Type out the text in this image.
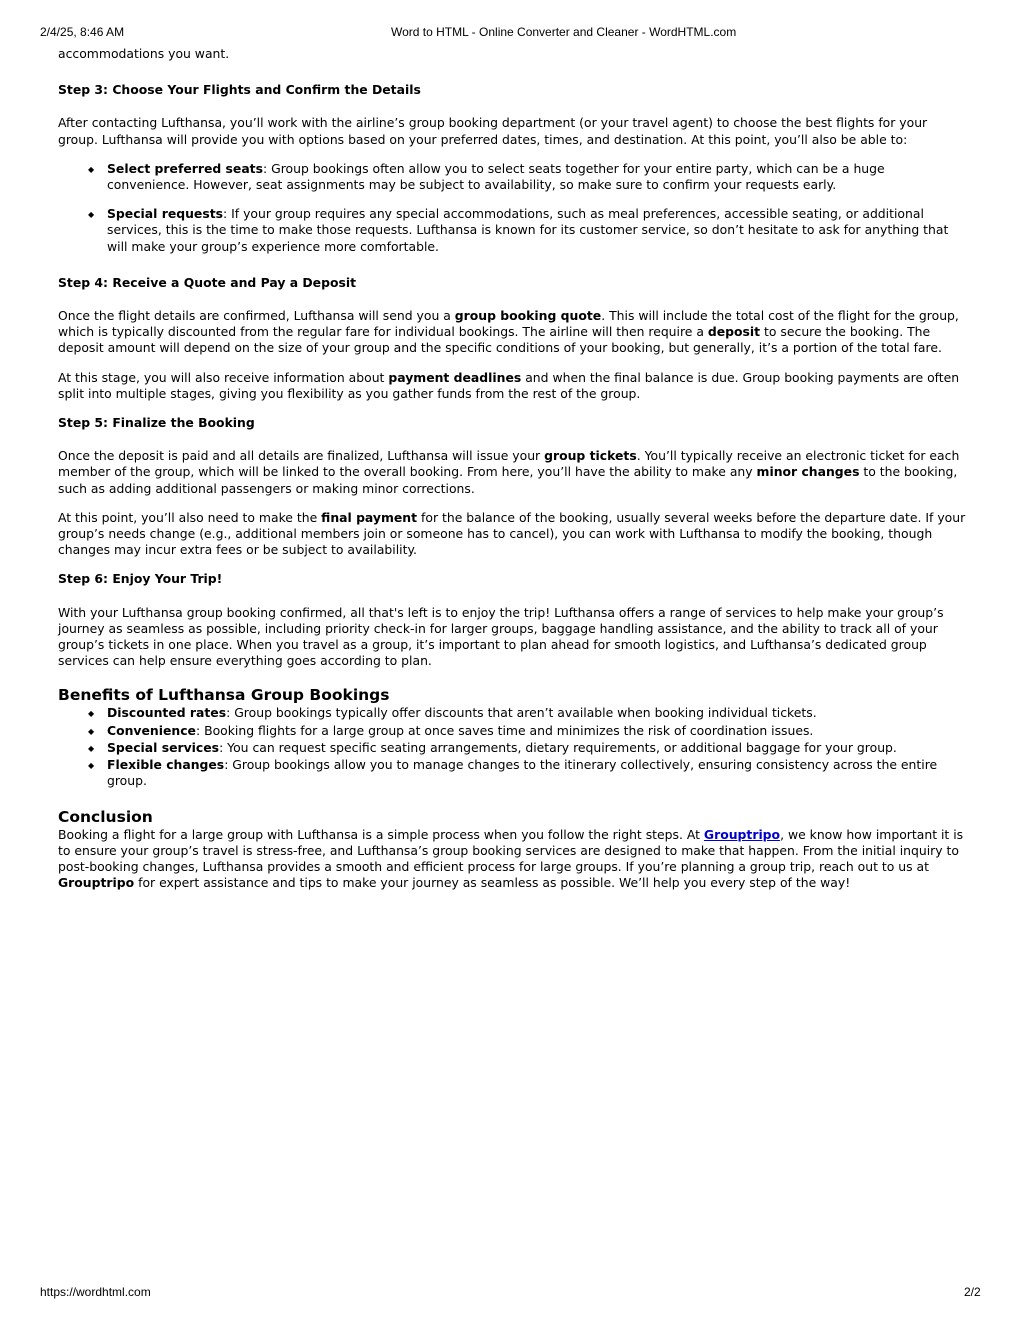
2/4/25, 8:46 AM	Word to HTML - Online Converter and Cleaner - WordHTML.com

accommodations you want.

Step 3: Choose Your Flights and Confirm the Details

After contacting Lufthansa, you’ll work with the airline’s group booking department (or your travel agent) to choose the best flights for your group. Lufthansa will provide you with options based on your preferred dates, times, and destination. At this point, you’ll also be able to:

◆ Select preferred seats: Group bookings often allow you to select seats together for your entire party, which can be a huge convenience. However, seat assignments may be subject to availability, so make sure to confirm your requests early.
◆ Special requests: If your group requires any special accommodations, such as meal preferences, accessible seating, or additional services, this is the time to make those requests. Lufthansa is known for its customer service, so don’t hesitate to ask for anything that will make your group’s experience more comfortable.

Step 4: Receive a Quote and Pay a Deposit

Once the flight details are confirmed, Lufthansa will send you a group booking quote. This will include the total cost of the flight for the group, which is typically discounted from the regular fare for individual bookings. The airline will then require a deposit to secure the booking. The deposit amount will depend on the size of your group and the specific conditions of your booking, but generally, it’s a portion of the total fare.

At this stage, you will also receive information about payment deadlines and when the final balance is due. Group booking payments are often split into multiple stages, giving you flexibility as you gather funds from the rest of the group.

Step 5: Finalize the Booking

Once the deposit is paid and all details are finalized, Lufthansa will issue your group tickets. You’ll typically receive an electronic ticket for each member of the group, which will be linked to the overall booking. From here, you’ll have the ability to make any minor changes to the booking, such as adding additional passengers or making minor corrections.

At this point, you’ll also need to make the final payment for the balance of the booking, usually several weeks before the departure date. If your group’s needs change (e.g., additional members join or someone has to cancel), you can work with Lufthansa to modify the booking, though changes may incur extra fees or be subject to availability.

Step 6: Enjoy Your Trip!

With your Lufthansa group booking confirmed, all that's left is to enjoy the trip! Lufthansa offers a range of services to help make your group’s journey as seamless as possible, including priority check-in for larger groups, baggage handling assistance, and the ability to track all of your group’s tickets in one place. When you travel as a group, it’s important to plan ahead for smooth logistics, and Lufthansa’s dedicated group services can help ensure everything goes according to plan.

Benefits of Lufthansa Group Bookings

◆ Discounted rates: Group bookings typically offer discounts that aren’t available when booking individual tickets.
◆ Convenience: Booking flights for a large group at once saves time and minimizes the risk of coordination issues.
◆ Special services: You can request specific seating arrangements, dietary requirements, or additional baggage for your group.
◆ Flexible changes: Group bookings allow you to manage changes to the itinerary collectively, ensuring consistency across the entire group.

Conclusion

Booking a flight for a large group with Lufthansa is a simple process when you follow the right steps. At Grouptripo, we know how important it is to ensure your group’s travel is stress-free, and Lufthansa’s group booking services are designed to make that happen. From the initial inquiry to post-booking changes, Lufthansa provides a smooth and efficient process for large groups. If you’re planning a group trip, reach out to us at Grouptripo for expert assistance and tips to make your journey as seamless as possible. We’ll help you every step of the way!

https://wordhtml.com	2/2
